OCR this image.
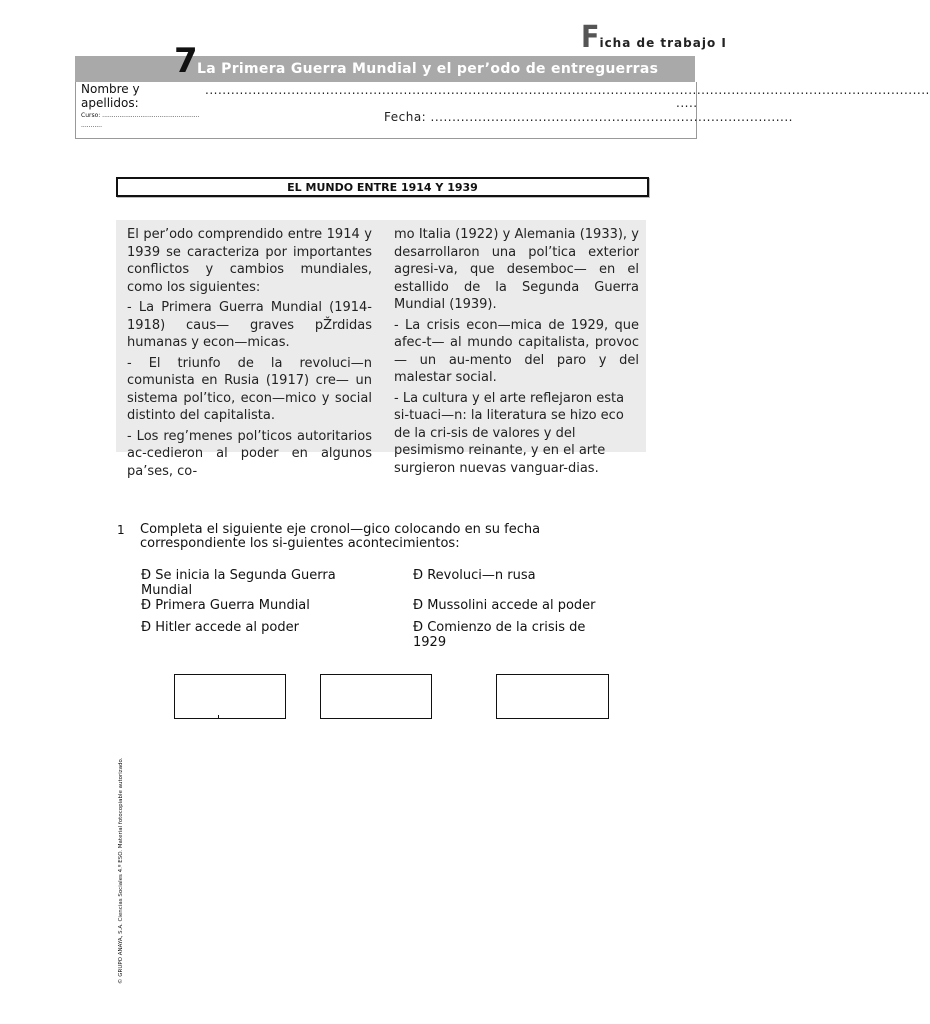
Ficha de trabajo I
7 La Primera Guerra Mundial y el per’odo de entreguerras
Nombre y
apellidos:
........................................................................................................................................................................
.....
Curso: ...................................................
...........
Fecha: ....................................................................................
EL MUNDO ENTRE 1914 Y 1939

El per’odo comprendido entre 1914 y 1939 se caracteriza por importantes conflictos y cambios mundiales, como los siguientes:

- La Primera Guerra Mundial (1914-1918) caus— graves pŽrdidas humanas y econ—micas.

- El triunfo de la revoluci—n comunista en Rusia (1917) cre— un sistema pol’tico, econ—mico y social distinto del capitalista.

- Los reg’menes pol’ticos autoritarios ac-cedieron al poder en algunos pa’ses, co-

mo Italia (1922) y Alemania (1933), y desarrollaron una pol’tica exterior agresi-va, que desemboc— en el estallido de la Segunda Guerra Mundial (1939).

- La crisis econ—mica de 1929, que afec-t— al mundo capitalista, provoc— un au-mento del paro y del malestar social.

- La cultura y el arte reflejaron esta si-tuaci—n: la literatura se hizo eco de la cri-sis de valores y del pesimismo reinante, y en el arte surgieron nuevas vanguar-dias.

1 Completa el siguiente eje cronol—gico colocando en su fecha correspondiente los si-guientes acontecimientos:
Ð Se inicia la Segunda Guerra Mundial
Ð Revoluci—n rusa
Ð Primera Guerra Mundial	Ð Mussolini accede al poder
Ð Hitler accede al poder	Ð Comienzo de la crisis de 1929
© GRUPO ANAYA, S.A. Ciencias Sociales 4.º ESO. Material fotocopiable autorizado.
